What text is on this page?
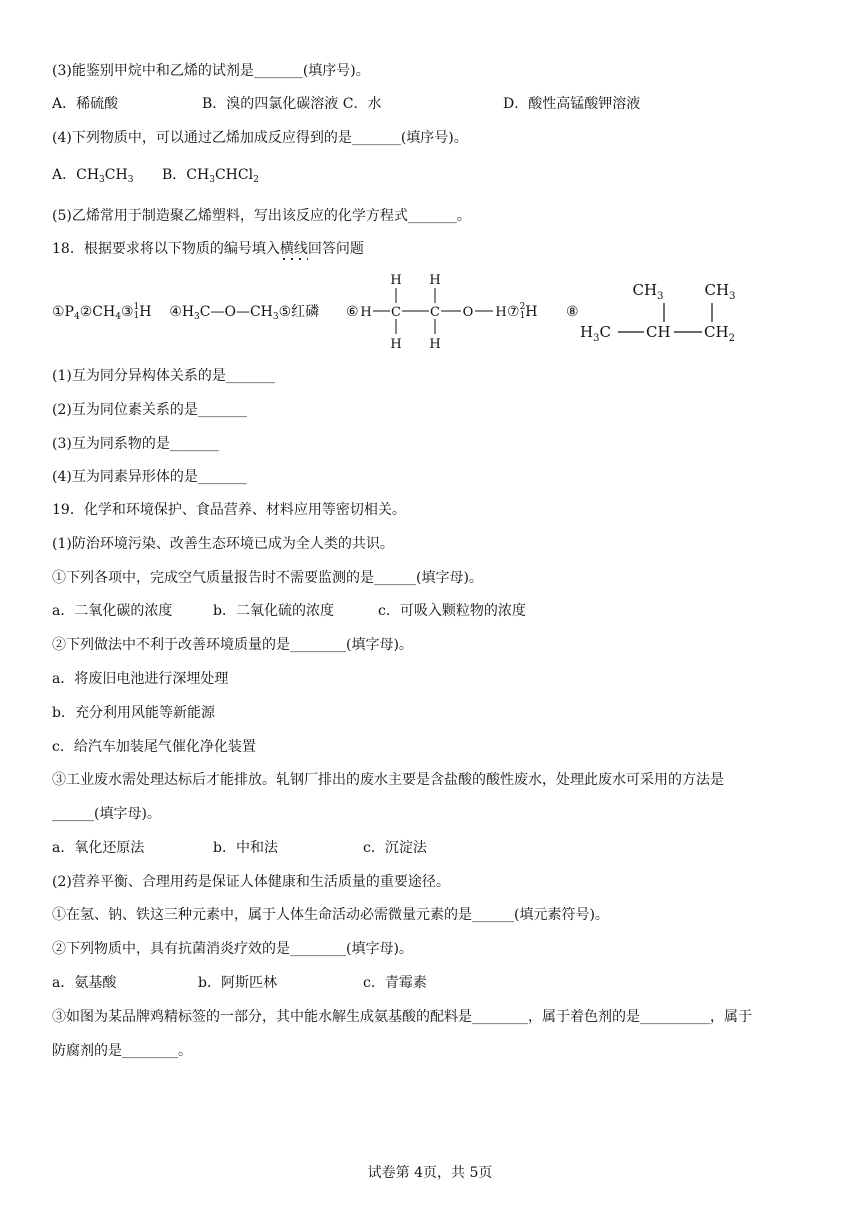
(3)能鉴别甲烷中和乙烯的试剂是_______(填序号)。
A．稀硫酸	B．溴的四氯化碳溶液 C．水	D．酸性高锰酸钾溶液
(4)下列物质中，可以通过乙烯加成反应得到的是_______(填序号)。
A．$CH_3CH_3$ B．$CH_3CHCl_2$
(5)乙烯常用于制造聚乙烯塑料，写出该反应的化学方程式_______。
18．根据要求将以下物质的编号填入横线回答问题
$①P_4②CH_4③$ 1
1 H $④H_3C—O—CH_3⑤$红磷 ⑥
H H
H C C O H
H H
⑦ 2
1 H ⑧
$CH_3$	$CH_3$
$H_3C$ CH $CH_2$
(1)互为同分异构体关系的是_______
(2)互为同位素关系的是_______
(3)互为同系物的是_______
(4)互为同素异形体的是_______
19．化学和环境保护、食品营养、材料应用等密切相关。
(1)防治环境污染、改善生态环境已成为全人类的共识。
①下列各项中，完成空气质量报告时不需要监测的是______(填字母)。
a．二氧化碳的浓度	b．二氧化硫的浓度	c．可吸入颗粒物的浓度
②下列做法中不利于改善环境质量的是________(填字母)。
a．将废旧电池进行深埋处理
b．充分利用风能等新能源
c．给汽车加装尾气催化净化装置
③工业废水需处理达标后才能排放。轧钢厂排出的废水主要是含盐酸的酸性废水，处理此废水可采用的方法是
______(填字母)。
a．氧化还原法	b．中和法	c．沉淀法
(2)营养平衡、合理用药是保证人体健康和生活质量的重要途径。
①在氢、钠、铁这三种元素中，属于人体生命活动必需微量元素的是______(填元素符号)。
②下列物质中，具有抗菌消炎疗效的是________(填字母)。
a．氨基酸	b．阿斯匹林	c．青霉素
③如图为某品牌鸡精标签的一部分，其中能水解生成氨基酸的配料是________，属于着色剂的是__________，属于
防腐剂的是________。
试卷第 4页，共 5页
